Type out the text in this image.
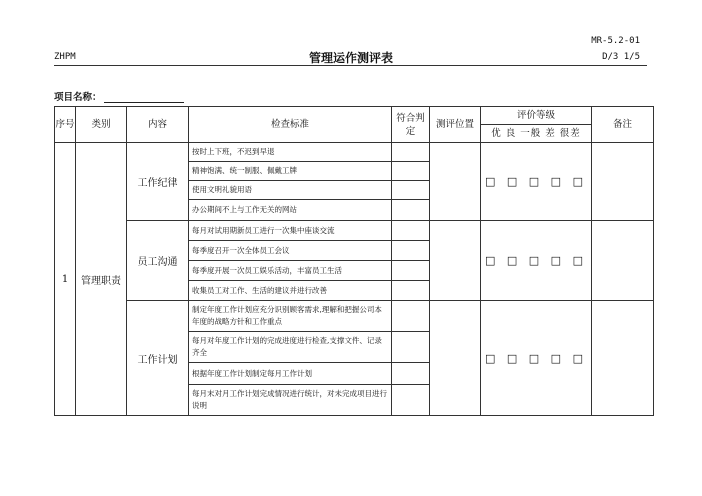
MR-5.2-01
ZHPM	管理运作测评表	D/3 1/5
项目名称：
序号	类别	内容	检查标准	符合判定	测评位置	评价等级	备注
						优 良 一般 差 很差	
1	管理职责	工作纪律	按时上下班，不迟到早退			□ □ □ □ □	
			精神饱满、统一制服、佩戴工牌				
			使用文明礼貌用语				
			办公期间不上与工作无关的网站				
		员工沟通	每月对试用期新员工进行一次集中座谈交流			□ □ □ □ □	
			每季度召开一次全体员工会议				
			每季度开展一次员工娱乐活动，丰富员工生活				
			收集员工对工作、生活的建议并进行改善				
		工作计划	制定年度工作计划应充分识别顾客需求,理解和把握公司本年度的战略方针和工作重点			□ □ □ □ □	
			每月对年度工作计划的完成进度进行检查,支撑文件、记录齐全				
			根据年度工作计划制定每月工作计划				
			每月末对月工作计划完成情况进行统计，对未完成项目进行说明				
